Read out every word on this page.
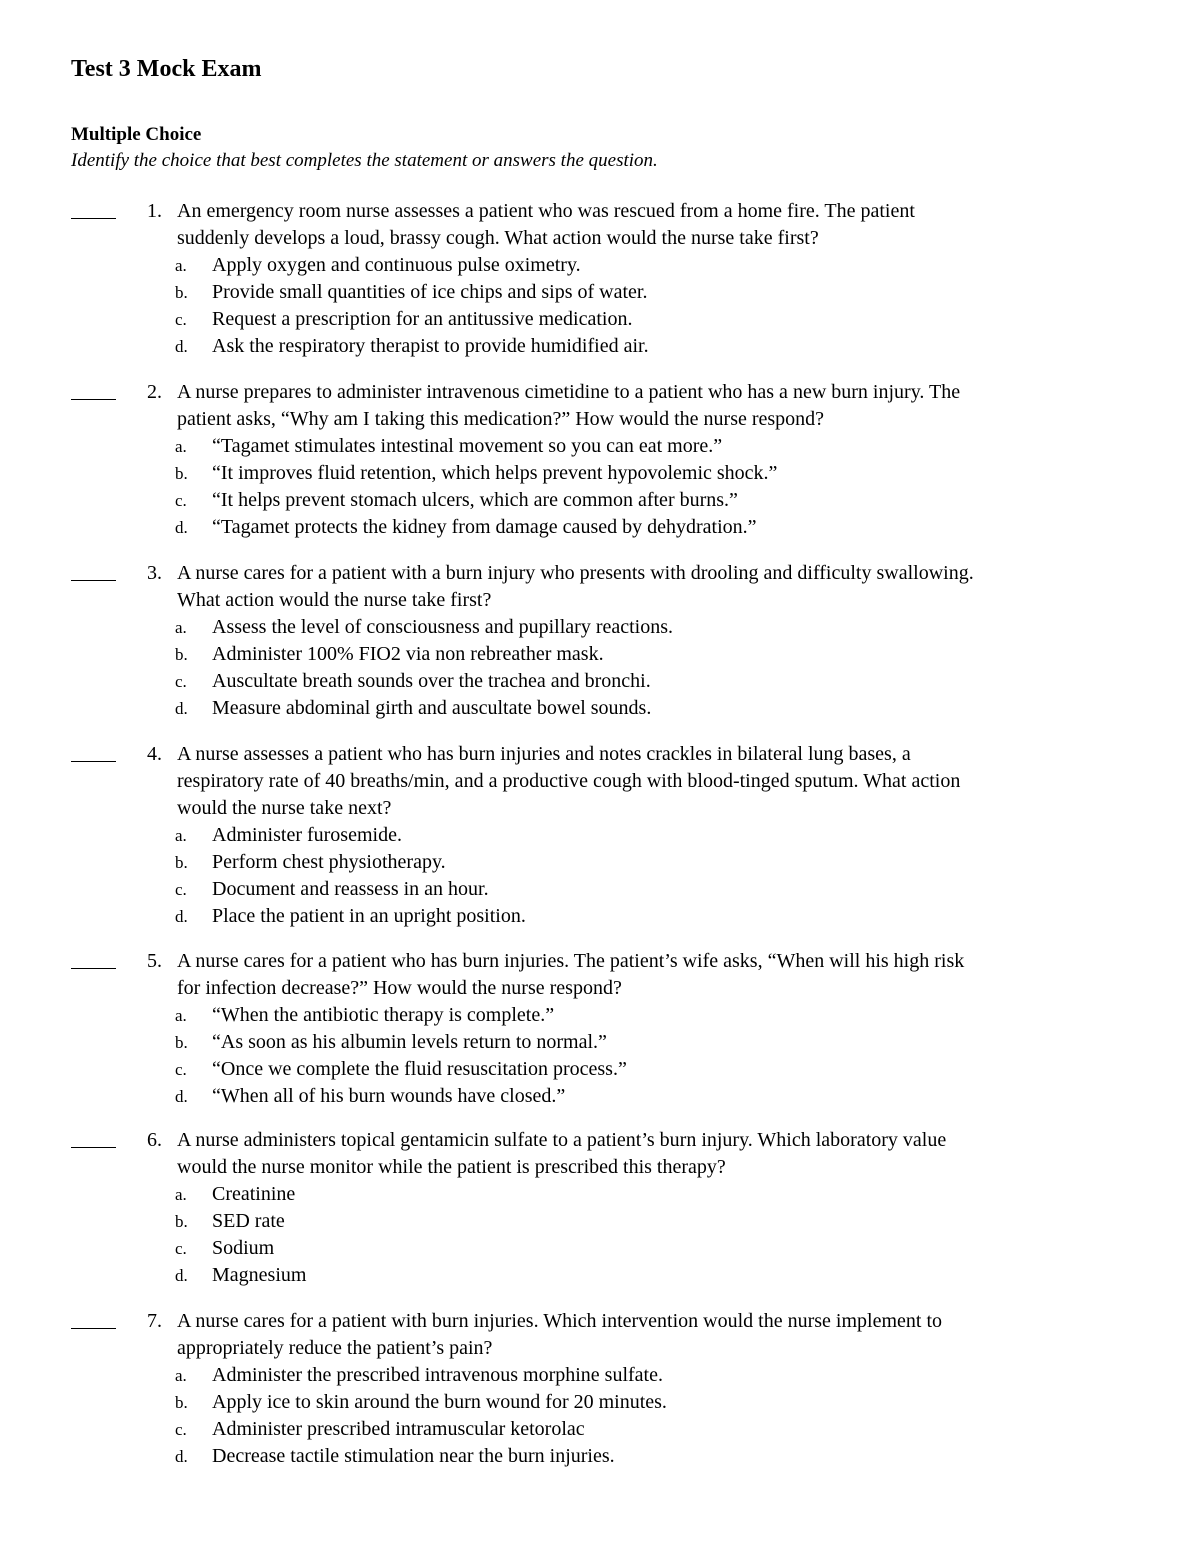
Test 3 Mock Exam
Multiple Choice
Identify the choice that best completes the statement or answers the question.
1. An emergency room nurse assesses a patient who was rescued from a home fire. The patient
suddenly develops a loud, brassy cough. What action would the nurse take first?
a. Apply oxygen and continuous pulse oximetry.
b. Provide small quantities of ice chips and sips of water.
c. Request a prescription for an antitussive medication.
d. Ask the respiratory therapist to provide humidified air.
2. A nurse prepares to administer intravenous cimetidine to a patient who has a new burn injury. The
patient asks, “Why am I taking this medication?” How would the nurse respond?
a. “Tagamet stimulates intestinal movement so you can eat more.”
b. “It improves fluid retention, which helps prevent hypovolemic shock.”
c. “It helps prevent stomach ulcers, which are common after burns.”
d. “Tagamet protects the kidney from damage caused by dehydration.”
3. A nurse cares for a patient with a burn injury who presents with drooling and difficulty swallowing.
What action would the nurse take first?
a. Assess the level of consciousness and pupillary reactions.
b. Administer 100% FIO2 via non rebreather mask.
c. Auscultate breath sounds over the trachea and bronchi.
d. Measure abdominal girth and auscultate bowel sounds.
4. A nurse assesses a patient who has burn injuries and notes crackles in bilateral lung bases, a
respiratory rate of 40 breaths/min, and a productive cough with blood-tinged sputum. What action
would the nurse take next?
a. Administer furosemide.
b. Perform chest physiotherapy.
c. Document and reassess in an hour.
d. Place the patient in an upright position.
5. A nurse cares for a patient who has burn injuries. The patient’s wife asks, “When will his high risk
for infection decrease?” How would the nurse respond?
a. “When the antibiotic therapy is complete.”
b. “As soon as his albumin levels return to normal.”
c. “Once we complete the fluid resuscitation process.”
d. “When all of his burn wounds have closed.”
6. A nurse administers topical gentamicin sulfate to a patient’s burn injury. Which laboratory value
would the nurse monitor while the patient is prescribed this therapy?
a. Creatinine
b. SED rate
c. Sodium
d. Magnesium
7. A nurse cares for a patient with burn injuries. Which intervention would the nurse implement to
appropriately reduce the patient’s pain?
a. Administer the prescribed intravenous morphine sulfate.
b. Apply ice to skin around the burn wound for 20 minutes.
c. Administer prescribed intramuscular ketorolac
d. Decrease tactile stimulation near the burn injuries.
